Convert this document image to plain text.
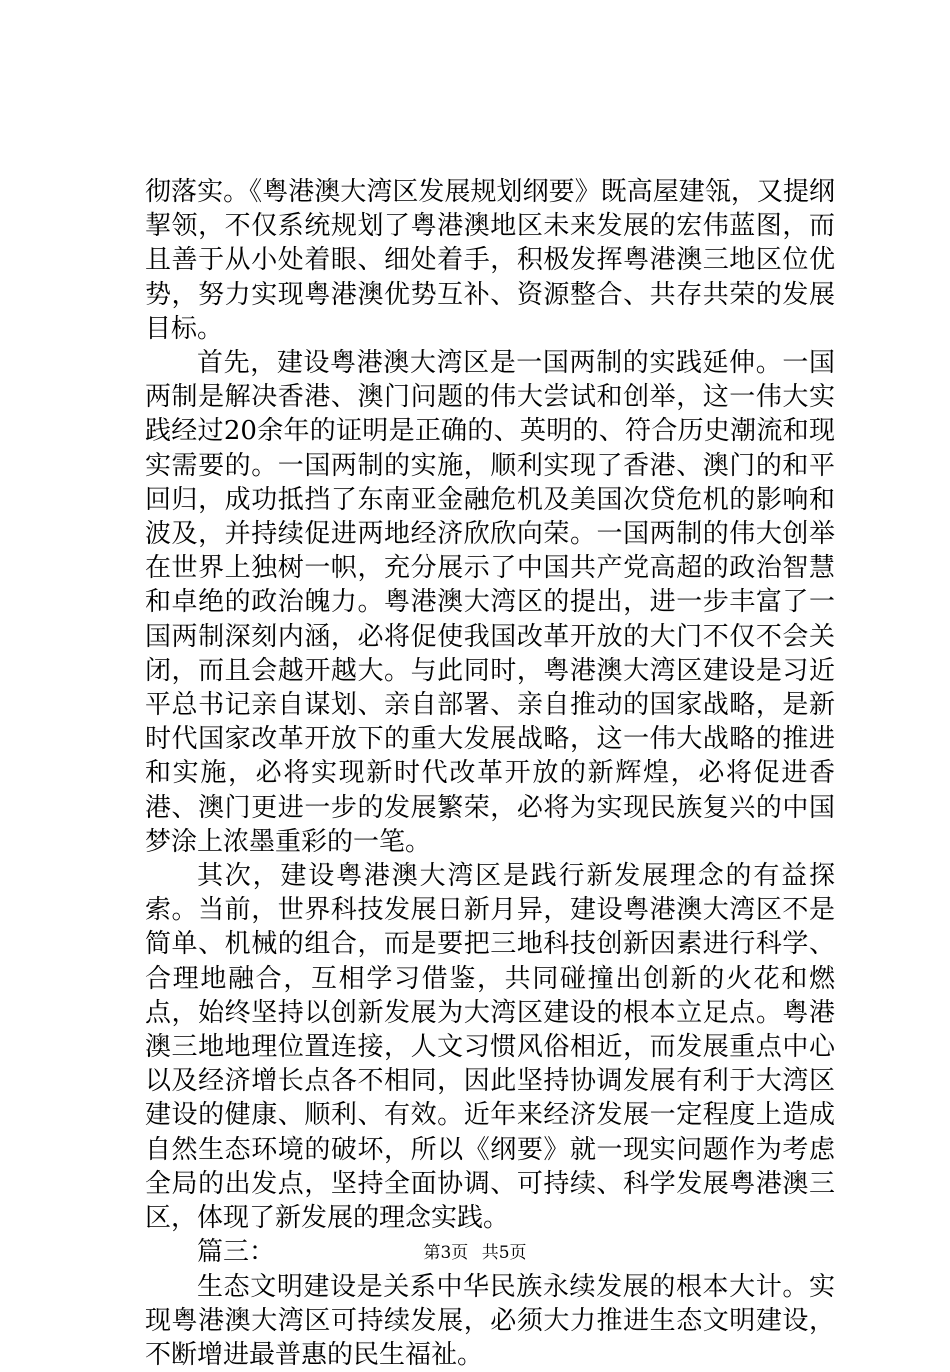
彻落实。《粤港澳大湾区发展规划纲要》既高屋建瓴，又提纲挈领，不仅系统规划了粤港澳地区未来发展的宏伟蓝图，而且善于从小处着眼、细处着手，积极发挥粤港澳三地区位优势，努力实现粤港澳优势互补、资源整合、共存共荣的发展目标。

首先，建设粤港澳大湾区是一国两制的实践延伸。一国两制是解决香港、澳门问题的伟大尝试和创举，这一伟大实践经过20余年的证明是正确的、英明的、符合历史潮流和现实需要的。一国两制的实施，顺利实现了香港、澳门的和平回归，成功抵挡了东南亚金融危机及美国次贷危机的影响和波及，并持续促进两地经济欣欣向荣。一国两制的伟大创举在世界上独树一帜，充分展示了中国共产党高超的政治智慧和卓绝的政治魄力。粤港澳大湾区的提出，进一步丰富了一国两制深刻内涵，必将促使我国改革开放的大门不仅不会关闭，而且会越开越大。与此同时，粤港澳大湾区建设是习近平总书记亲自谋划、亲自部署、亲自推动的国家战略，是新时代国家改革开放下的重大发展战略，这一伟大战略的推进和实施，必将实现新时代改革开放的新辉煌，必将促进香港、澳门更进一步的发展繁荣，必将为实现民族复兴的中国梦涂上浓墨重彩的一笔。

其次，建设粤港澳大湾区是践行新发展理念的有益探索。当前，世界科技发展日新月异，建设粤港澳大湾区不是简单、机械的组合，而是要把三地科技创新因素进行科学、合理地融合，互相学习借鉴，共同碰撞出创新的火花和燃点，始终坚持以创新发展为大湾区建设的根本立足点。粤港澳三地地理位置连接，人文习惯风俗相近，而发展重点中心以及经济增长点各不相同，因此坚持协调发展有利于大湾区建设的健康、顺利、有效。近年来经济发展一定程度上造成自然生态环境的破坏，所以《纲要》就一现实问题作为考虑全局的出发点，坚持全面协调、可持续、科学发展粤港澳三区，体现了新发展的理念实践。

篇三：

生态文明建设是关系中华民族永续发展的根本大计。实现粤港澳大湾区可持续发展，必须大力推进生态文明建设，不断增进最普惠的民生福祉。

第3页 共5页
